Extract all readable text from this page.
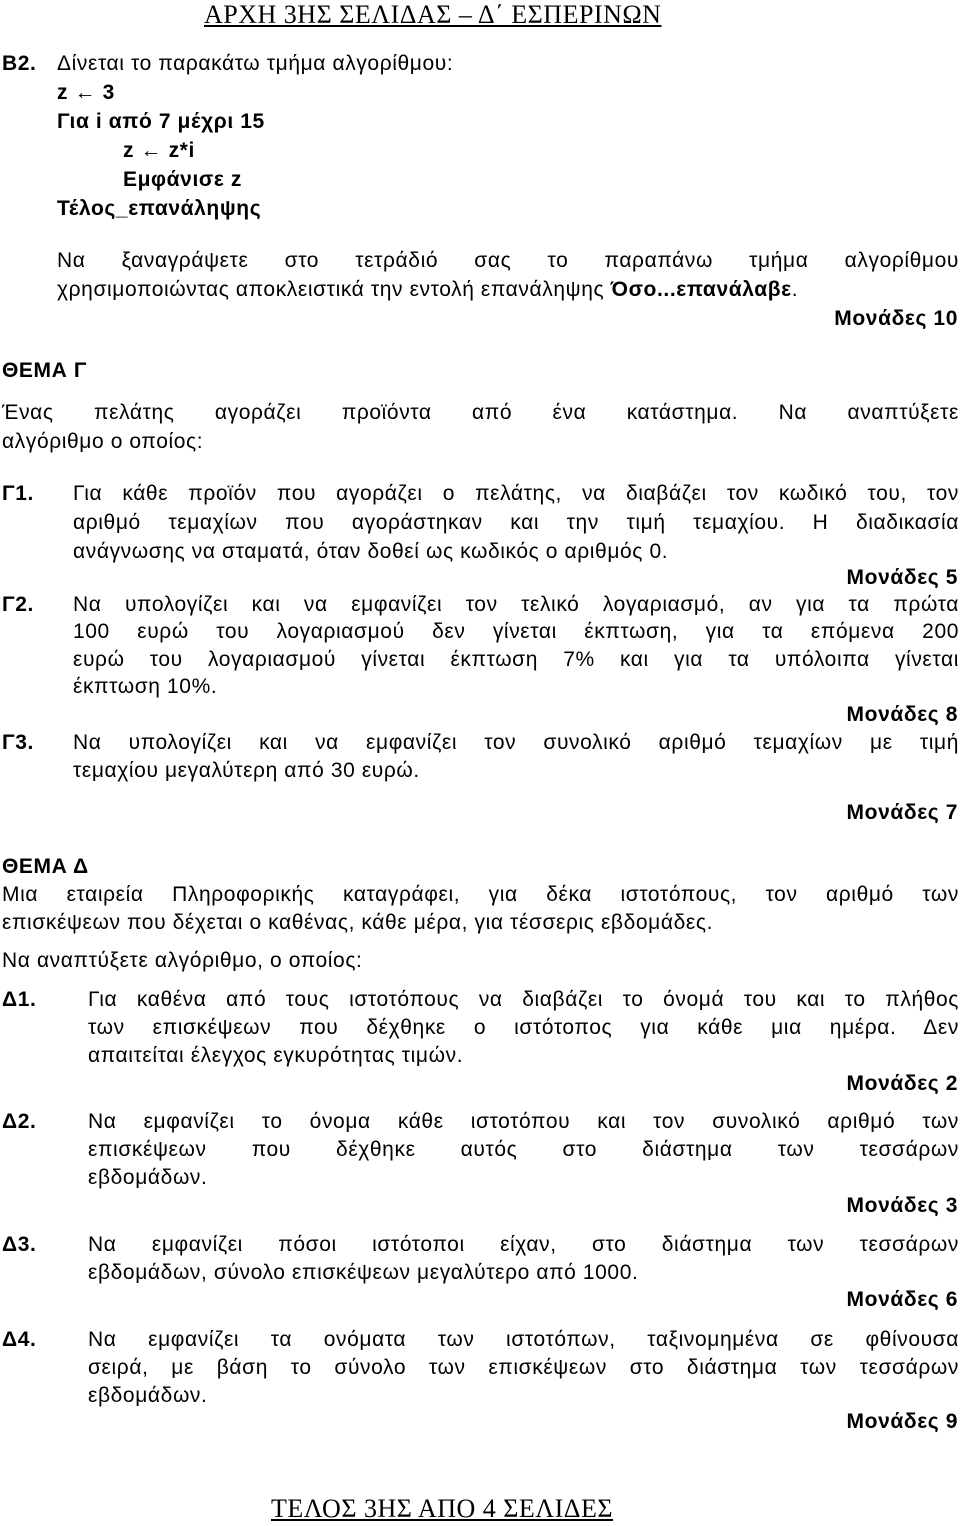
ΑΡΧΗ 3ΗΣ ΣΕΛΙΔΑΣ – Δ΄ ΕΣΠΕΡΙΝΩΝ
Β2. Δίνεται το παρακάτω τμήμα αλγορίθμου:
z ← 3
Για i από 7 μέχρι 15
z ← z*i
Εμφάνισε z
Τέλος_επανάληψης
Να ξαναγράψετε στο τετράδιό σας το παραπάνω τμήμα αλγορίθμου
χρησιμοποιώντας αποκλειστικά την εντολή επανάληψης Όσο...επανάλαβε.
Μονάδες 10
ΘΕΜΑ Γ
Ένας πελάτης αγοράζει προϊόντα από ένα κατάστημα. Να αναπτύξετε
αλγόριθμο ο οποίος:
Γ1. Για κάθε προϊόν που αγοράζει ο πελάτης, να διαβάζει τον κωδικό του, τον
αριθμό τεμαχίων που αγοράστηκαν και την τιμή τεμαχίου. Η διαδικασία
ανάγνωσης να σταματά, όταν δοθεί ως κωδικός ο αριθμός 0.
Μονάδες 5
Γ2. Να υπολογίζει και να εμφανίζει τον τελικό λογαριασμό, αν για τα πρώτα
100 ευρώ του λογαριασμού δεν γίνεται έκπτωση, για τα επόμενα 200
ευρώ του λογαριασμού γίνεται έκπτωση 7% και για τα υπόλοιπα γίνεται
έκπτωση 10%.
Μονάδες 8
Γ3. Να υπολογίζει και να εμφανίζει τον συνολικό αριθμό τεμαχίων με τιμή
τεμαχίου μεγαλύτερη από 30 ευρώ.
Μονάδες 7
ΘΕΜΑ Δ
Μια εταιρεία Πληροφορικής καταγράφει, για δέκα ιστοτόπους, τον αριθμό των
επισκέψεων που δέχεται ο καθένας, κάθε μέρα, για τέσσερις εβδομάδες.
Να αναπτύξετε αλγόριθμο, ο οποίος:
Δ1. Για καθένα από τους ιστοτόπους να διαβάζει το όνομά του και το πλήθος
των επισκέψεων που δέχθηκε ο ιστότοπος για κάθε μια ημέρα. Δεν
απαιτείται έλεγχος εγκυρότητας τιμών.
Μονάδες 2
Δ2. Να εμφανίζει το όνομα κάθε ιστοτόπου και τον συνολικό αριθμό των
επισκέψεων που δέχθηκε αυτός στο διάστημα των τεσσάρων
εβδομάδων.
Μονάδες 3
Δ3. Να εμφανίζει πόσοι ιστότοποι είχαν, στο διάστημα των τεσσάρων
εβδομάδων, σύνολο επισκέψεων μεγαλύτερο από 1000.
Μονάδες 6
Δ4. Να εμφανίζει τα ονόματα των ιστοτόπων, ταξινομημένα σε φθίνουσα
σειρά, με βάση το σύνολο των επισκέψεων στο διάστημα των τεσσάρων
εβδομάδων.
Μονάδες 9
ΤΕΛΟΣ 3ΗΣ ΑΠΟ 4 ΣΕΛΙΔΕΣ
